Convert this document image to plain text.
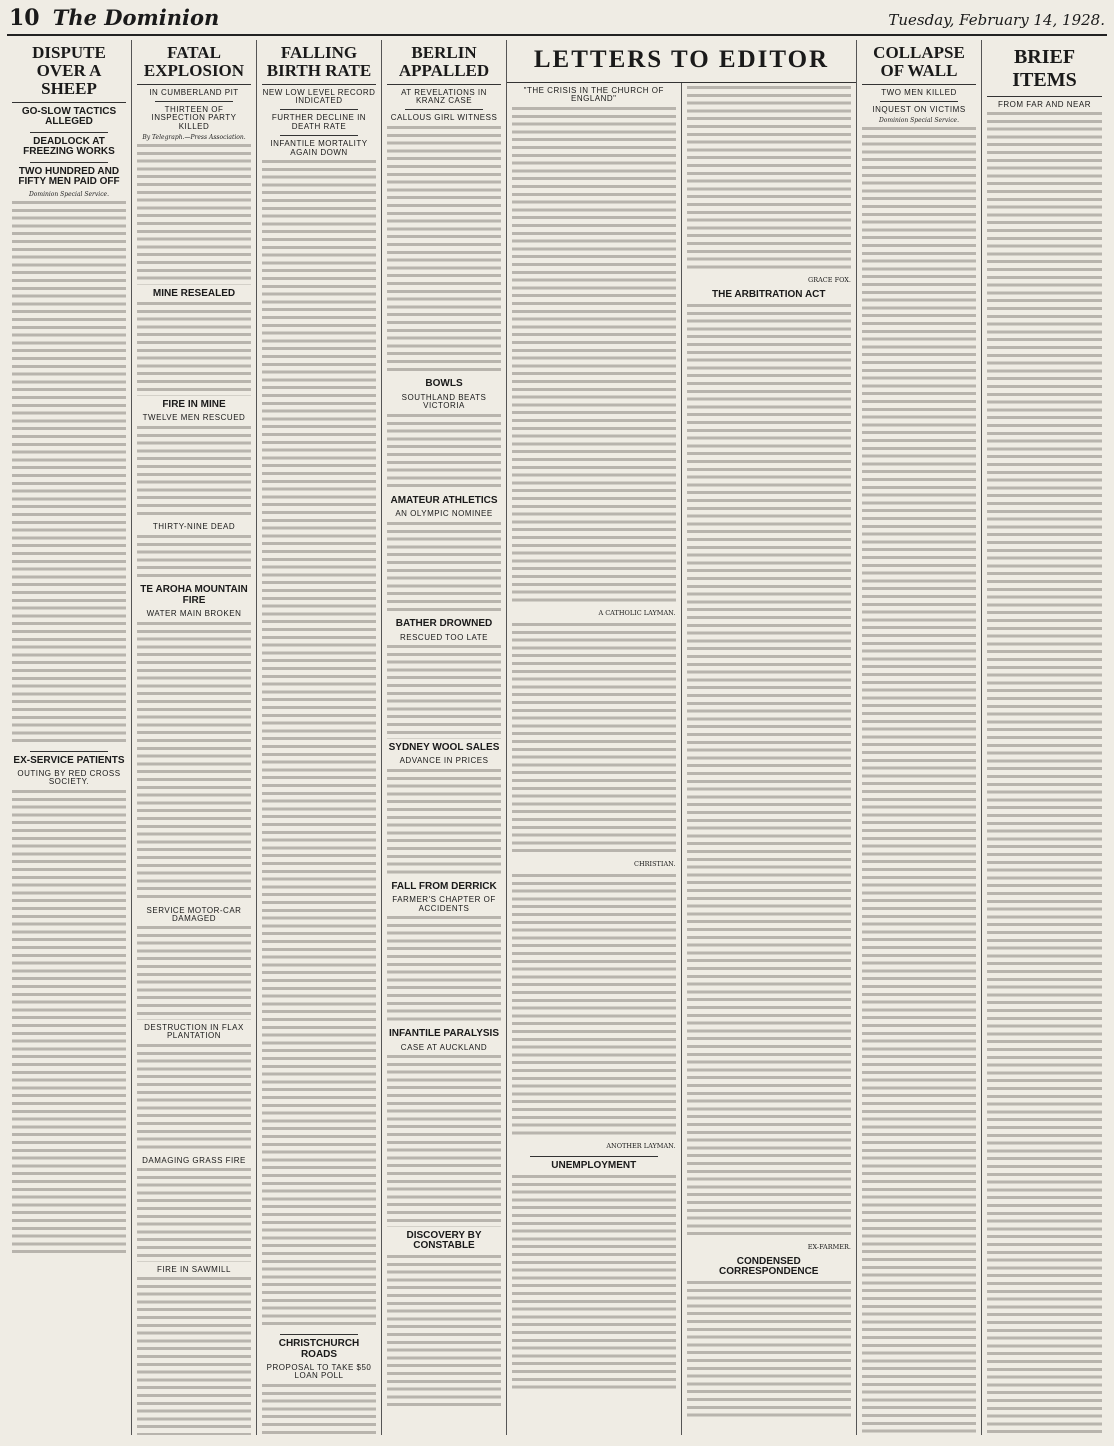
10 The Dominion	Tuesday, February 14, 1928.
DISPUTE OVER A SHEEP
GO-SLOW TACTICS ALLEGED
DEADLOCK AT FREEZING WORKS
TWO HUNDRED AND FIFTY MEN PAID OFF
Dominion Special Service.
EX-SERVICE PATIENTS
OUTING BY RED CROSS SOCIETY.
FATAL EXPLOSION
IN CUMBERLAND PIT
THIRTEEN OF INSPECTION PARTY KILLED
By Telegraph.—Press Association.
MINE RESEALED
FIRE IN MINE
TWELVE MEN RESCUED
THIRTY-NINE DEAD
TE AROHA MOUNTAIN FIRE
WATER MAIN BROKEN
SERVICE MOTOR-CAR DAMAGED
DESTRUCTION IN FLAX PLANTATION
DAMAGING GRASS FIRE
FIRE IN SAWMILL
FALLING BIRTH RATE
NEW LOW LEVEL RECORD INDICATED
FURTHER DECLINE IN DEATH RATE
INFANTILE MORTALITY AGAIN DOWN
CHRISTCHURCH ROADS
PROPOSAL TO TAKE $50 LOAN POLL
BERLIN APPALLED
AT REVELATIONS IN KRANZ CASE
CALLOUS GIRL WITNESS
BOWLS
SOUTHLAND BEATS VICTORIA
AMATEUR ATHLETICS
AN OLYMPIC NOMINEE
BATHER DROWNED
RESCUED TOO LATE
SYDNEY WOOL SALES
ADVANCE IN PRICES
FALL FROM DERRICK
FARMER'S CHAPTER OF ACCIDENTS
INFANTILE PARALYSIS
CASE AT AUCKLAND
DISCOVERY BY CONSTABLE
LETTERS TO EDITOR
"THE CRISIS IN THE CHURCH OF ENGLAND"
A CATHOLIC LAYMAN.
CHRISTIAN.
ANOTHER LAYMAN.
UNEMPLOYMENT
GRACE FOX.
THE ARBITRATION ACT
EX-FARMER.
CONDENSED CORRESPONDENCE
COLLAPSE OF WALL
TWO MEN KILLED
INQUEST ON VICTIMS
Dominion Special Service.
BRIEF ITEMS
FROM FAR AND NEAR
